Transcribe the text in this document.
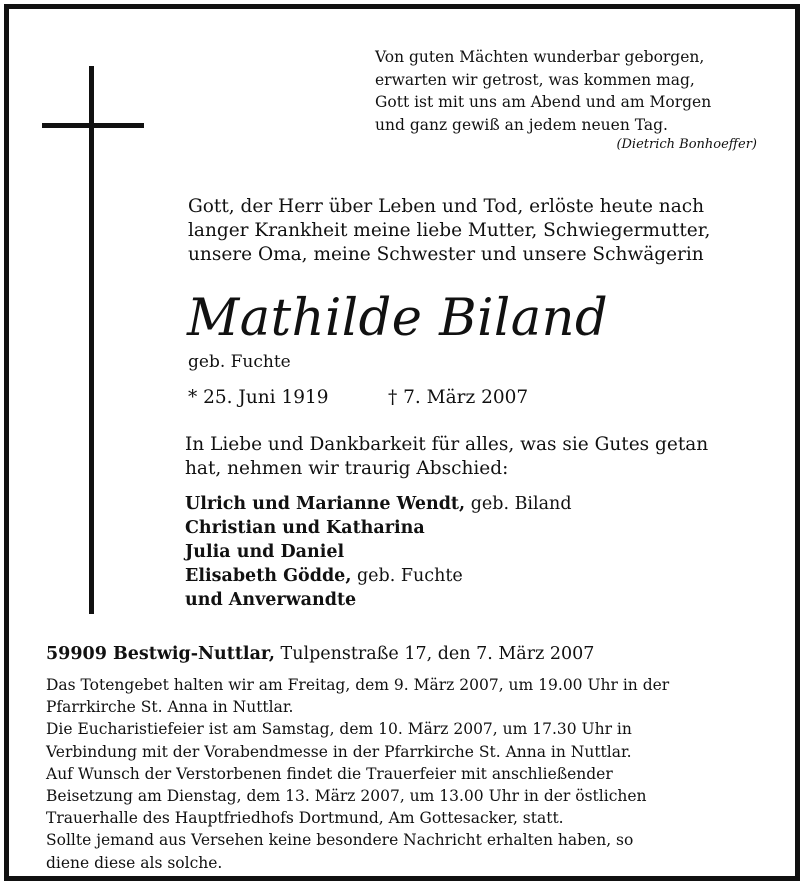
Von guten Mächten wunderbar geborgen,
erwarten wir getrost, was kommen mag,
Gott ist mit uns am Abend und am Morgen
und ganz gewiß an jedem neuen Tag.
(Dietrich Bonhoeffer)
Gott, der Herr über Leben und Tod, erlöste heute nach
langer Krankheit meine liebe Mutter, Schwiegermutter,
unsere Oma, meine Schwester und unsere Schwägerin
Mathilde Biland
geb. Fuchte
* 25. Juni 1919	† 7. März 2007
In Liebe und Dankbarkeit für alles, was sie Gutes getan
hat, nehmen wir traurig Abschied:
Ulrich und Marianne Wendt, geb. Biland
Christian und Katharina
Julia und Daniel
Elisabeth Gödde, geb. Fuchte
und Anverwandte
59909 Bestwig-Nuttlar, Tulpenstraße 17, den 7. März 2007
Das Totengebet halten wir am Freitag, dem 9. März 2007, um 19.00 Uhr in der
Pfarrkirche St. Anna in Nuttlar.
Die Eucharistiefeier ist am Samstag, dem 10. März 2007, um 17.30 Uhr in
Verbindung mit der Vorabendmesse in der Pfarrkirche St. Anna in Nuttlar.
Auf Wunsch der Verstorbenen findet die Trauerfeier mit anschließender
Beisetzung am Dienstag, dem 13. März 2007, um 13.00 Uhr in der östlichen
Trauerhalle des Hauptfriedhofs Dortmund, Am Gottesacker, statt.
Sollte jemand aus Versehen keine besondere Nachricht erhalten haben, so
diene diese als solche.
